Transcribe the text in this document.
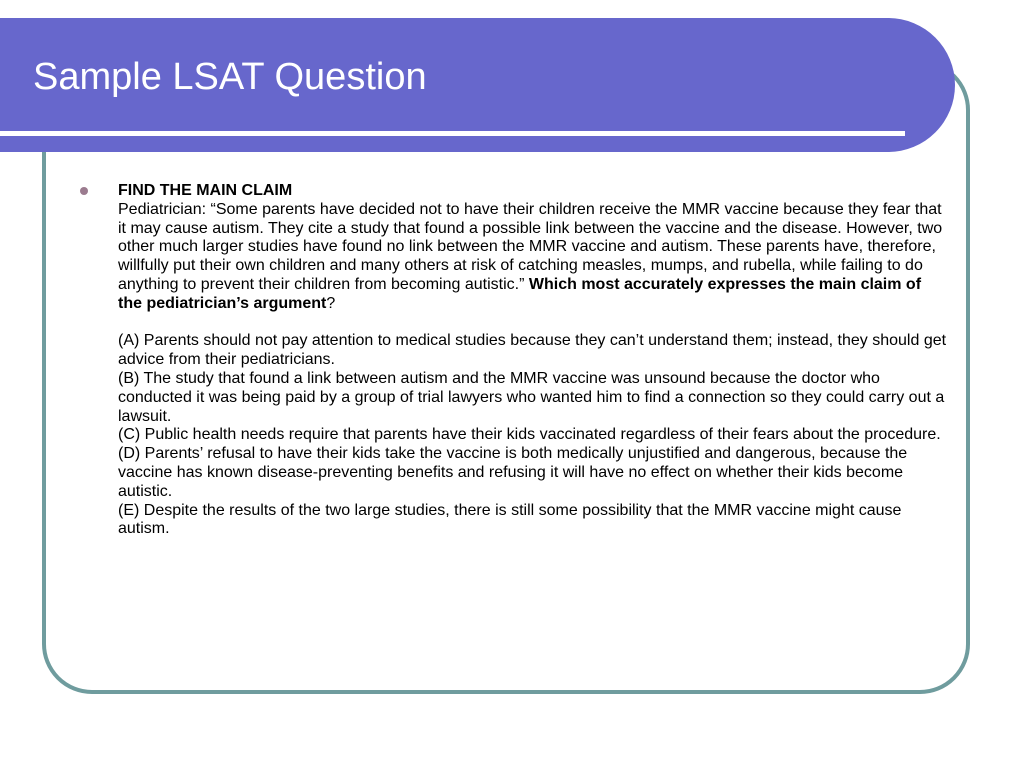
Sample LSAT Question

FIND THE MAIN CLAIM

Pediatrician: “Some parents have decided not to have their children receive the MMR vaccine because they fear that it may cause autism. They cite a study that found a possible link between the vaccine and the disease. However, two other much larger studies have found no link between the MMR vaccine and autism. These parents have, therefore, willfully put their own children and many others at risk of catching measles, mumps, and rubella, while failing to do anything to prevent their children from becoming autistic.” Which most accurately expresses the main claim of the pediatrician’s argument?

(A) Parents should not pay attention to medical studies because they can’t understand them; instead, they should get advice from their pediatricians.

(B) The study that found a link between autism and the MMR vaccine was unsound because the doctor who conducted it was being paid by a group of trial lawyers who wanted him to find a connection so they could carry out a lawsuit.

(C) Public health needs require that parents have their kids vaccinated regardless of their fears about the procedure.

(D) Parents’ refusal to have their kids take the vaccine is both medically unjustified and dangerous, because the vaccine has known disease-preventing benefits and refusing it will have no effect on whether their kids become autistic.

(E) Despite the results of the two large studies, there is still some possibility that the MMR vaccine might cause autism.
